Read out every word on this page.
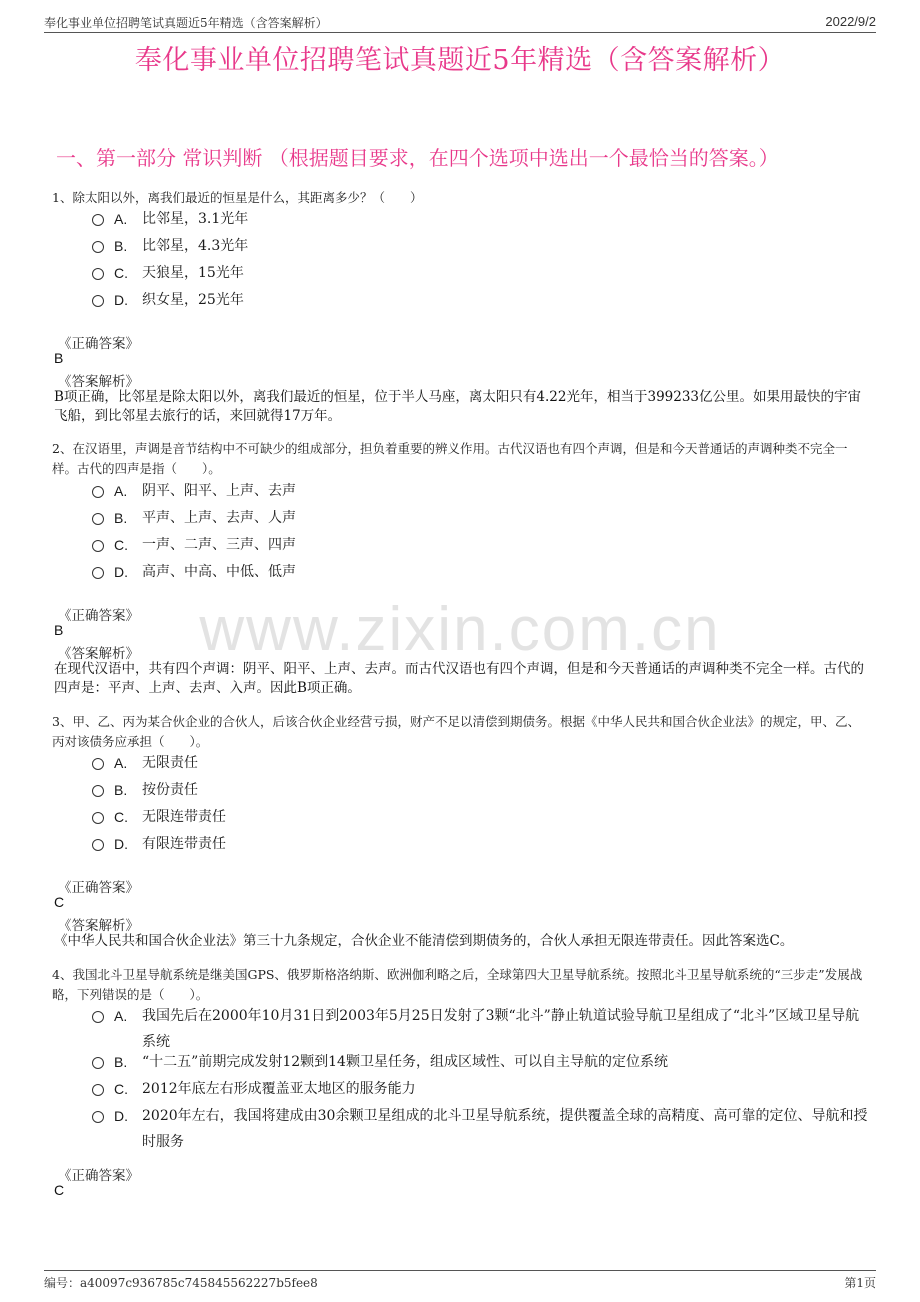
奉化事业单位招聘笔试真题近5年精选（含答案解析）	2022/9/2
奉化事业单位招聘笔试真题近5年精选（含答案解析）
一、第一部分 常识判断 （根据题目要求，在四个选项中选出一个最恰当的答案。）
www.zixin.com.cn
1、除太阳以外，离我们最近的恒星是什么，其距离多少？（　　）
A. 比邻星，3.1光年
B. 比邻星，4.3光年
C. 天狼星，15光年
D. 织女星，25光年
《正确答案》
B
《答案解析》
B项正确，比邻星是除太阳以外，离我们最近的恒星，位于半人马座，离太阳只有4.22光年，相当于399233亿公里。如果用最快的宇宙飞船，到比邻星去旅行的话，来回就得17万年。
2、在汉语里，声调是音节结构中不可缺少的组成部分，担负着重要的辨义作用。古代汉语也有四个声调，但是和今天普通话的声调种类不完全一样。古代的四声是指（　　）。
A. 阴平、阳平、上声、去声
B. 平声、上声、去声、人声
C. 一声、二声、三声、四声
D. 高声、中高、中低、低声
《正确答案》
B
《答案解析》
在现代汉语中，共有四个声调：阴平、阳平、上声、去声。而古代汉语也有四个声调，但是和今天普通话的声调种类不完全一样。古代的四声是：平声、上声、去声、入声。因此B项正确。
3、甲、乙、丙为某合伙企业的合伙人，后该合伙企业经营亏损，财产不足以清偿到期债务。根据《中华人民共和国合伙企业法》的规定，甲、乙、丙对该债务应承担（　　）。
A. 无限责任
B. 按份责任
C. 无限连带责任
D. 有限连带责任
《正确答案》
C
《答案解析》
《中华人民共和国合伙企业法》第三十九条规定，合伙企业不能清偿到期债务的，合伙人承担无限连带责任。因此答案选C。
4、我国北斗卫星导航系统是继美国GPS、俄罗斯格洛纳斯、欧洲伽利略之后，全球第四大卫星导航系统。按照北斗卫星导航系统的“三步走”发展战略，下列错误的是（　　）。
A. 我国先后在2000年10月31日到2003年5月25日发射了3颗“北斗”静止轨道试验导航卫星组成了“北斗”区域卫星导航系统
B. “十二五”前期完成发射12颗到14颗卫星任务，组成区域性、可以自主导航的定位系统
C. 2012年底左右形成覆盖亚太地区的服务能力
D. 2020年左右，我国将建成由30余颗卫星组成的北斗卫星导航系统，提供覆盖全球的高精度、高可靠的定位、导航和授时服务
《正确答案》
C
编号：a40097c936785c745845562227b5fee8	第1页
